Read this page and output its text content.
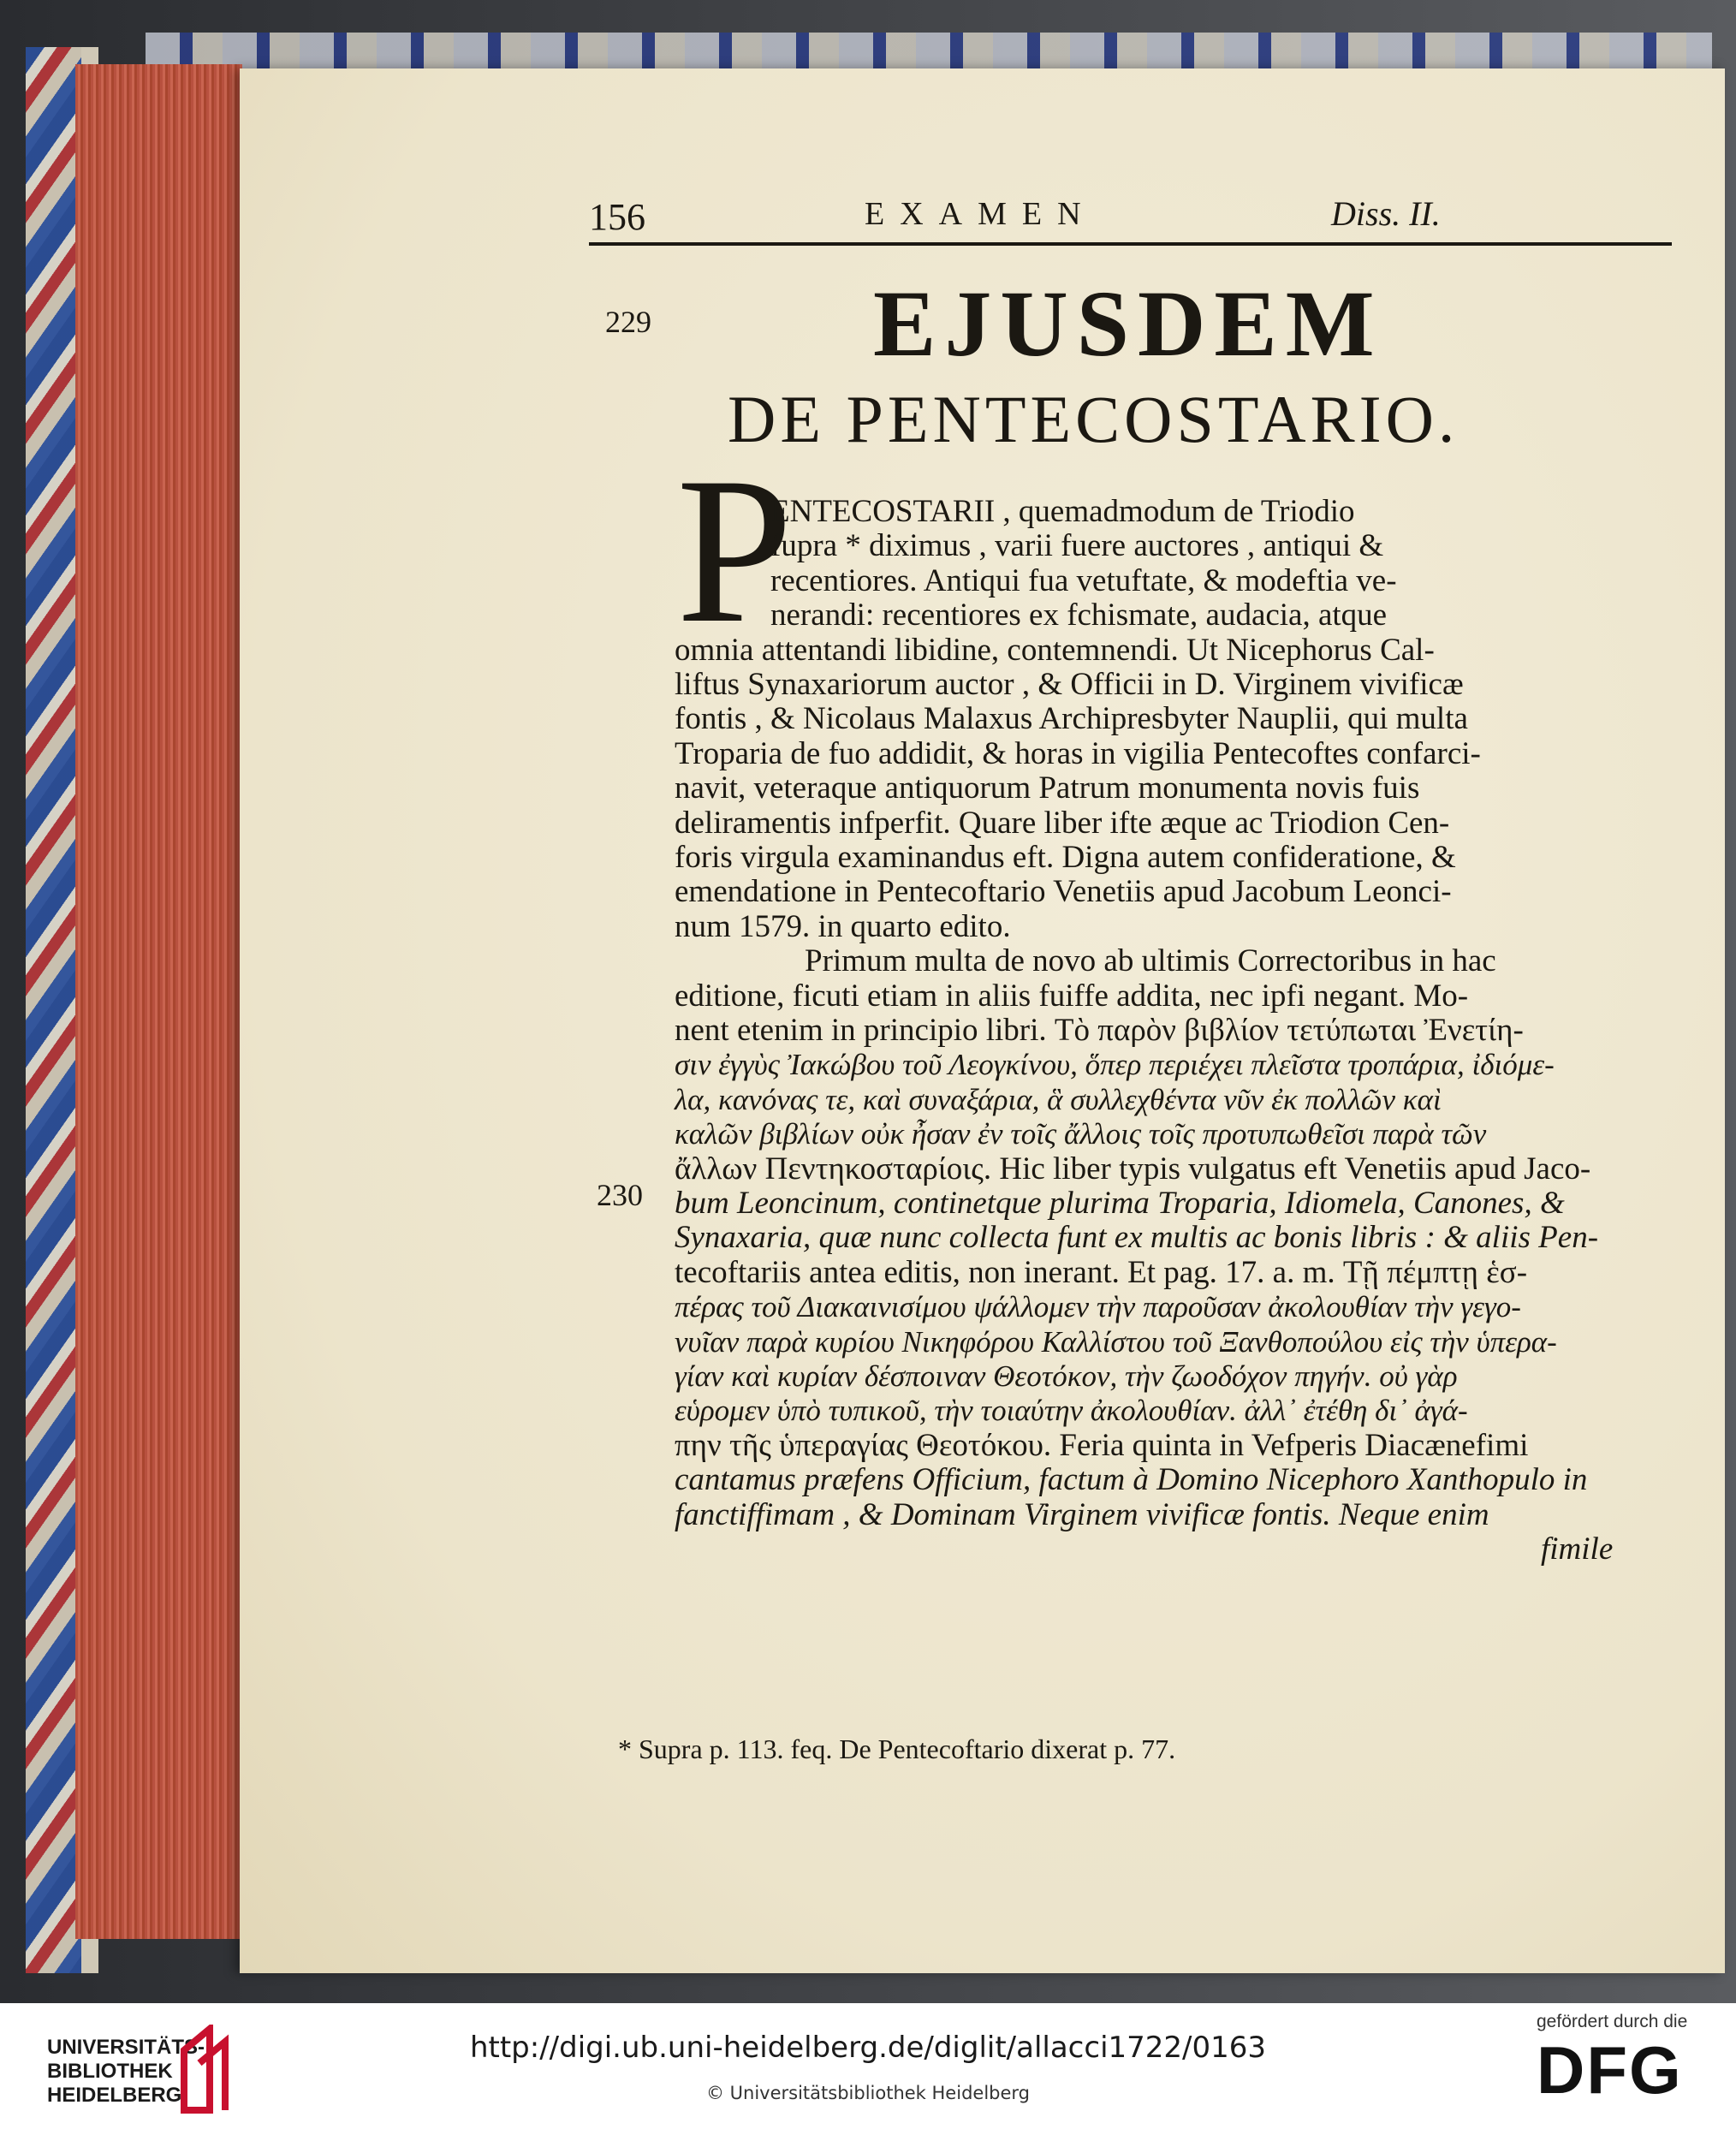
156	EXAMEN	Diss. II.
229 EJUSDEM
DE PENTECOSTARIO.
P
ENTECOSTARII , quemadmodum de Triodio
fupra * diximus , varii fuere auctores , antiqui &
recentiores. Antiqui fua vetuftate, & modeftia ve-
nerandi: recentiores ex fchismate, audacia, atque
omnia attentandi libidine, contemnendi. Ut Nicephorus Cal-
liftus Synaxariorum auctor , & Officii in D. Virginem vivificæ
fontis , & Nicolaus Malaxus Archipresbyter Nauplii, qui multa
Troparia de fuo addidit, & horas in vigilia Pentecoftes confarci-
navit, veteraque antiquorum Patrum monumenta novis fuis
deliramentis infperfit. Quare liber ifte æque ac Triodion Cen-
foris virgula examinandus eft. Digna autem confideratione, &
emendatione in Pentecoftario Venetiis apud Jacobum Leonci-
num 1579. in quarto edito.
Primum multa de novo ab ultimis Correctoribus in hac
editione, ficuti etiam in aliis fuiffe addita, nec ipfi negant. Mo-
nent etenim in principio libri. Τὸ παρὸν βιβλίον τετύπωται Ἐνετίη-
σιν ἐγγὺς Ἰακώβου τοῦ Λεογκίνου, ὅπερ περιέχει πλεῖστα τροπάρια, ἰδιόμε-
λα, κανόνας τε, καὶ συναξάρια, ἃ συλλεχθέντα νῦν ἐκ πολλῶν καὶ
καλῶν βιβλίων οὐκ ἦσαν ἐν τοῖς ἄλλοις τοῖς προτυπωθεῖσι παρὰ τῶν
ἄλλων Πεντηκοσταρίοις. Hic liber typis vulgatus eft Venetiis apud Jaco-
bum Leoncinum, continetque plurima Troparia, Idiomela, Canones, &
Synaxaria, quæ nunc collecta funt ex multis ac bonis libris : & aliis Pen-
tecoftariis antea editis, non inerant. Et pag. 17. a. m. Τῇ πέμπτῃ ἑσ-
πέρας τοῦ Διακαινισίμου ψάλλομεν τὴν παροῦσαν ἀκολουθίαν τὴν γεγο-
νυῖαν παρὰ κυρίου Νικηφόρου Καλλίστου τοῦ Ξανθοπούλου εἰς τὴν ὑπερα-
γίαν καὶ κυρίαν δέσποιναν Θεοτόκον, τὴν ζωοδόχον πηγήν. οὐ γὰρ
εὑρομεν ὑπὸ τυπικοῦ, τὴν τοιαύτην ἀκολουθίαν. ἀλλ᾽ ἐτέθη δι᾽ ἀγά-
πην τῆς ὑπεραγίας Θεοτόκου. Feria quinta in Vefperis Diacænefimi
cantamus præfens Officium, factum à Domino Nicephoro Xanthopulo in
fanctiffimam , & Dominam Virginem vivificæ fontis. Neque enim
fimile
230
* Supra p. 113. feq. De Pentecoftario dixerat p. 77.
UNIVERSITÄTS-
BIBLIOTHEK
HEIDELBERG
http://digi.ub.uni-heidelberg.de/diglit/allacci1722/0163
© Universitätsbibliothek Heidelberg
gefördert durch die
DFG
